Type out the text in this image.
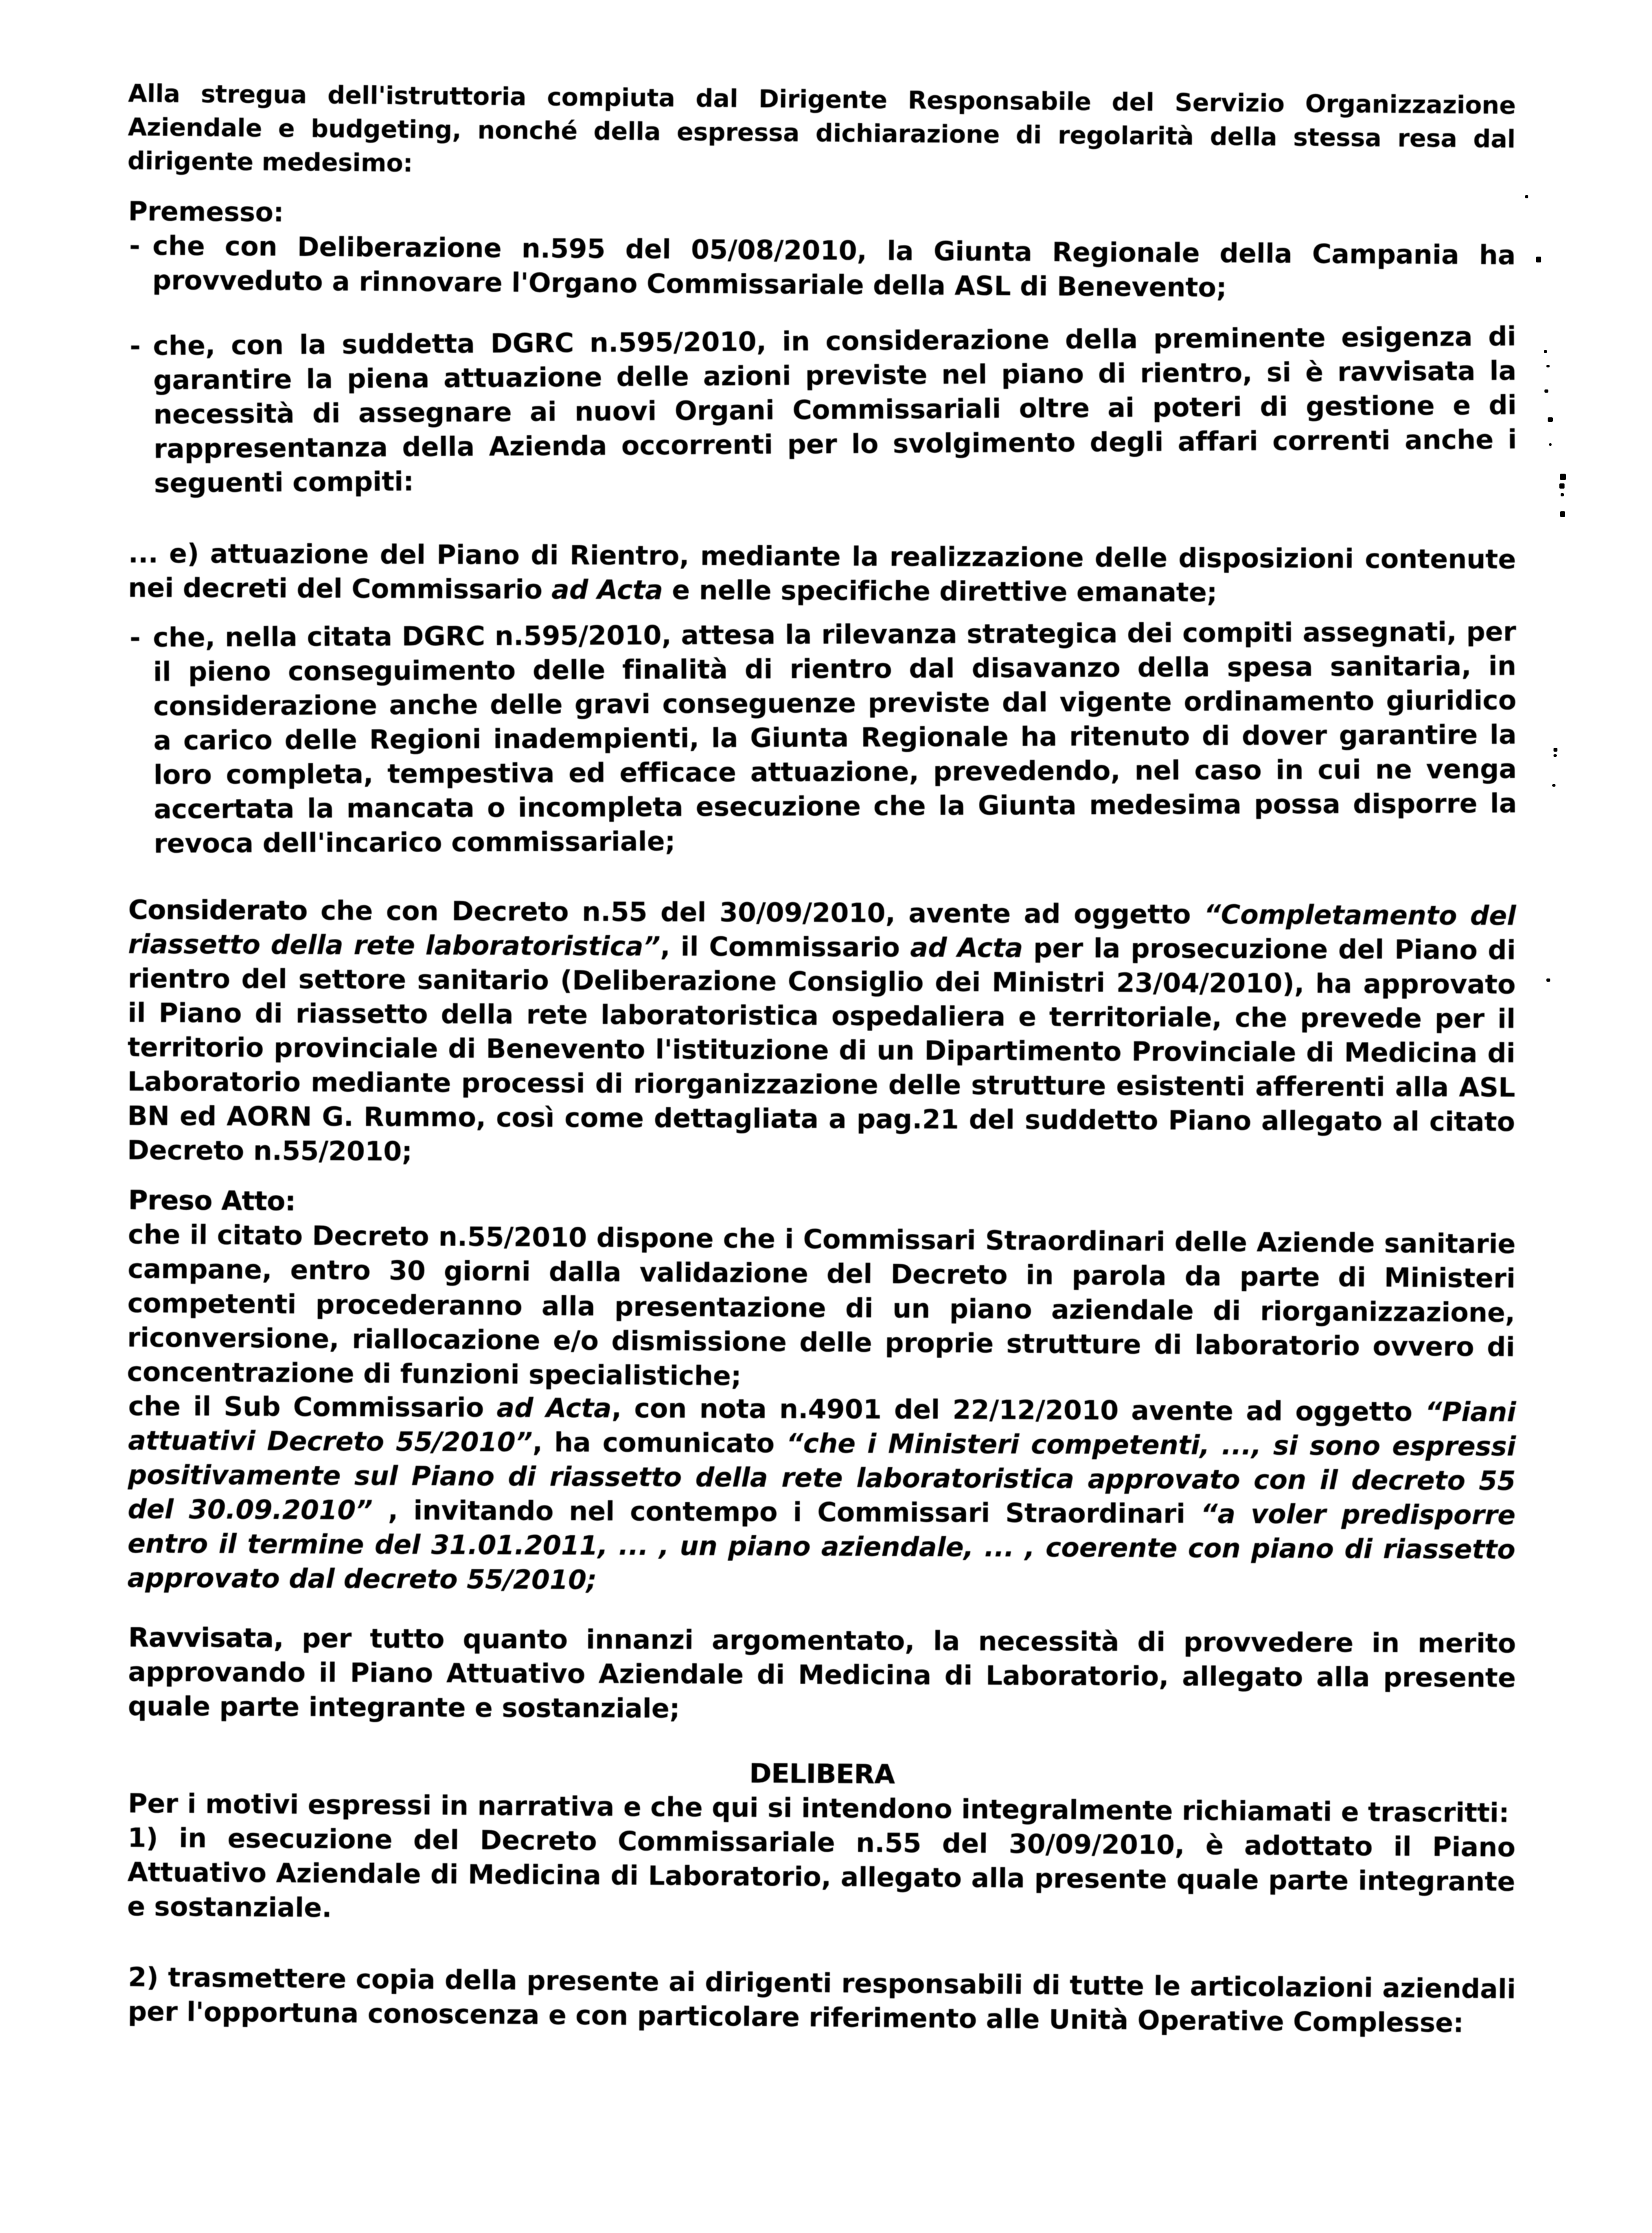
Alla stregua dell'istruttoria compiuta dal Dirigente Responsabile del Servizio Organizzazione Aziendale e budgeting, nonché della espressa dichiarazione di regolarità della stessa resa dal dirigente medesimo:

Premesso:
- che con Deliberazione n.595 del 05/08/2010, la Giunta Regionale della Campania ha provveduto a rinnovare l'Organo Commissariale della ASL di Benevento;

- che, con la suddetta DGRC n.595/2010, in considerazione della preminente esigenza di garantire la piena attuazione delle azioni previste nel piano di rientro, si è ravvisata la necessità di assegnare ai nuovi Organi Commissariali oltre ai poteri di gestione e di rappresentanza della Azienda occorrenti per lo svolgimento degli affari correnti anche i seguenti compiti:

... e) attuazione del Piano di Rientro, mediante la realizzazione delle disposizioni contenute nei decreti del Commissario ad Acta e nelle specifiche direttive emanate;

- che, nella citata DGRC n.595/2010, attesa la rilevanza strategica dei compiti assegnati, per il pieno conseguimento delle finalità di rientro dal disavanzo della spesa sanitaria, in considerazione anche delle gravi conseguenze previste dal vigente ordinamento giuridico a carico delle Regioni inadempienti, la Giunta Regionale ha ritenuto di dover garantire la loro completa, tempestiva ed efficace attuazione, prevedendo, nel caso in cui ne venga accertata la mancata o incompleta esecuzione che la Giunta medesima possa disporre la revoca dell'incarico commissariale;

Considerato che con Decreto n.55 del 30/09/2010, avente ad oggetto “Completamento del riassetto della rete laboratoristica”, il Commissario ad Acta per la prosecuzione del Piano di rientro del settore sanitario (Deliberazione Consiglio dei Ministri 23/04/2010), ha approvato il Piano di riassetto della rete laboratoristica ospedaliera e territoriale, che prevede per il territorio provinciale di Benevento l'istituzione di un Dipartimento Provinciale di Medicina di Laboratorio mediante processi di riorganizzazione delle strutture esistenti afferenti alla ASL BN ed AORN G. Rummo, così come dettagliata a pag.21 del suddetto Piano allegato al citato Decreto n.55/2010;

Preso Atto:

che il citato Decreto n.55/2010 dispone che i Commissari Straordinari delle Aziende sanitarie campane, entro 30 giorni dalla validazione del Decreto in parola da parte di Ministeri competenti procederanno alla presentazione di un piano aziendale di riorganizzazione, riconversione, riallocazione e/o dismissione delle proprie strutture di laboratorio ovvero di concentrazione di funzioni specialistiche;

che il Sub Commissario ad Acta, con nota n.4901 del 22/12/2010 avente ad oggetto “Piani attuativi Decreto 55/2010”, ha comunicato “che i Ministeri competenti, ..., si sono espressi positivamente sul Piano di riassetto della rete laboratoristica approvato con il decreto 55 del 30.09.2010” , invitando nel contempo i Commissari Straordinari “a voler predisporre entro il termine del 31.01.2011, ... , un piano aziendale, ... , coerente con piano di riassetto approvato dal decreto 55/2010;

Ravvisata, per tutto quanto innanzi argomentato, la necessità di provvedere in merito approvando il Piano Attuativo Aziendale di Medicina di Laboratorio, allegato alla presente quale parte integrante e sostanziale;

DELIBERA

Per i motivi espressi in narrativa e che qui si intendono integralmente richiamati e trascritti:

1) in esecuzione del Decreto Commissariale n.55 del 30/09/2010, è adottato il Piano Attuativo Aziendale di Medicina di Laboratorio, allegato alla presente quale parte integrante e sostanziale.

2) trasmettere copia della presente ai dirigenti responsabili di tutte le articolazioni aziendali per l'opportuna conoscenza e con particolare riferimento alle Unità Operative Complesse:
